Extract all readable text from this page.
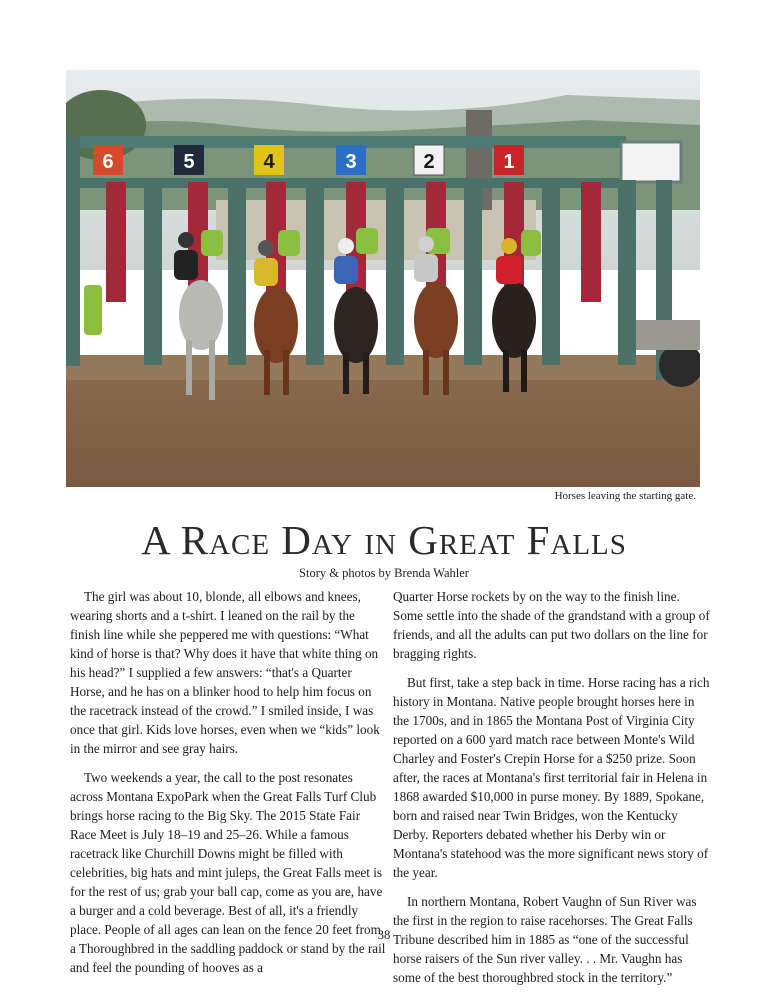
6	5	4	3	2	1
Horses leaving the starting gate.
A Race Day in Great Falls
Story & photos by Brenda Wahler

The girl was about 10, blonde, all elbows and knees, wearing shorts and a t-shirt. I leaned on the rail by the finish line while she peppered me with questions: “What kind of horse is that? Why does it have that white thing on his head?” I supplied a few answers: “that's a Quarter Horse, and he has on a blinker hood to help him focus on the racetrack instead of the crowd.” I smiled inside, I was once that girl. Kids love horses, even when we “kids” look in the mirror and see gray hairs.

Two weekends a year, the call to the post resonates across Montana ExpoPark when the Great Falls Turf Club brings horse racing to the Big Sky. The 2015 State Fair Race Meet is July 18–19 and 25–26. While a famous racetrack like Churchill Downs might be filled with celebrities, big hats and mint juleps, the Great Falls meet is for the rest of us; grab your ball cap, come as you are, have a burger and a cold beverage. Best of all, it's a friendly place. People of all ages can lean on the fence 20 feet from a Thoroughbred in the saddling paddock or stand by the rail and feel the pounding of hooves as a

Quarter Horse rockets by on the way to the finish line. Some settle into the shade of the grandstand with a group of friends, and all the adults can put two dollars on the line for bragging rights.

But first, take a step back in time. Horse racing has a rich history in Montana. Native people brought horses here in the 1700s, and in 1865 the Montana Post of Virginia City reported on a 600 yard match race between Monte's Wild Charley and Foster's Crepin Horse for a $250 prize. Soon after, the races at Montana's first territorial fair in Helena in 1868 awarded $10,000 in purse money. By 1889, Spokane, born and raised near Twin Bridges, won the Kentucky Derby. Reporters debated whether his Derby win or Montana's statehood was the more significant news story of the year.

In northern Montana, Robert Vaughn of Sun River was the first in the region to raise racehorses. The Great Falls Tribune described him in 1885 as “one of the successful horse raisers of the Sun river valley. . . Mr. Vaughn has some of the best thoroughbred stock in the territory.”

38
